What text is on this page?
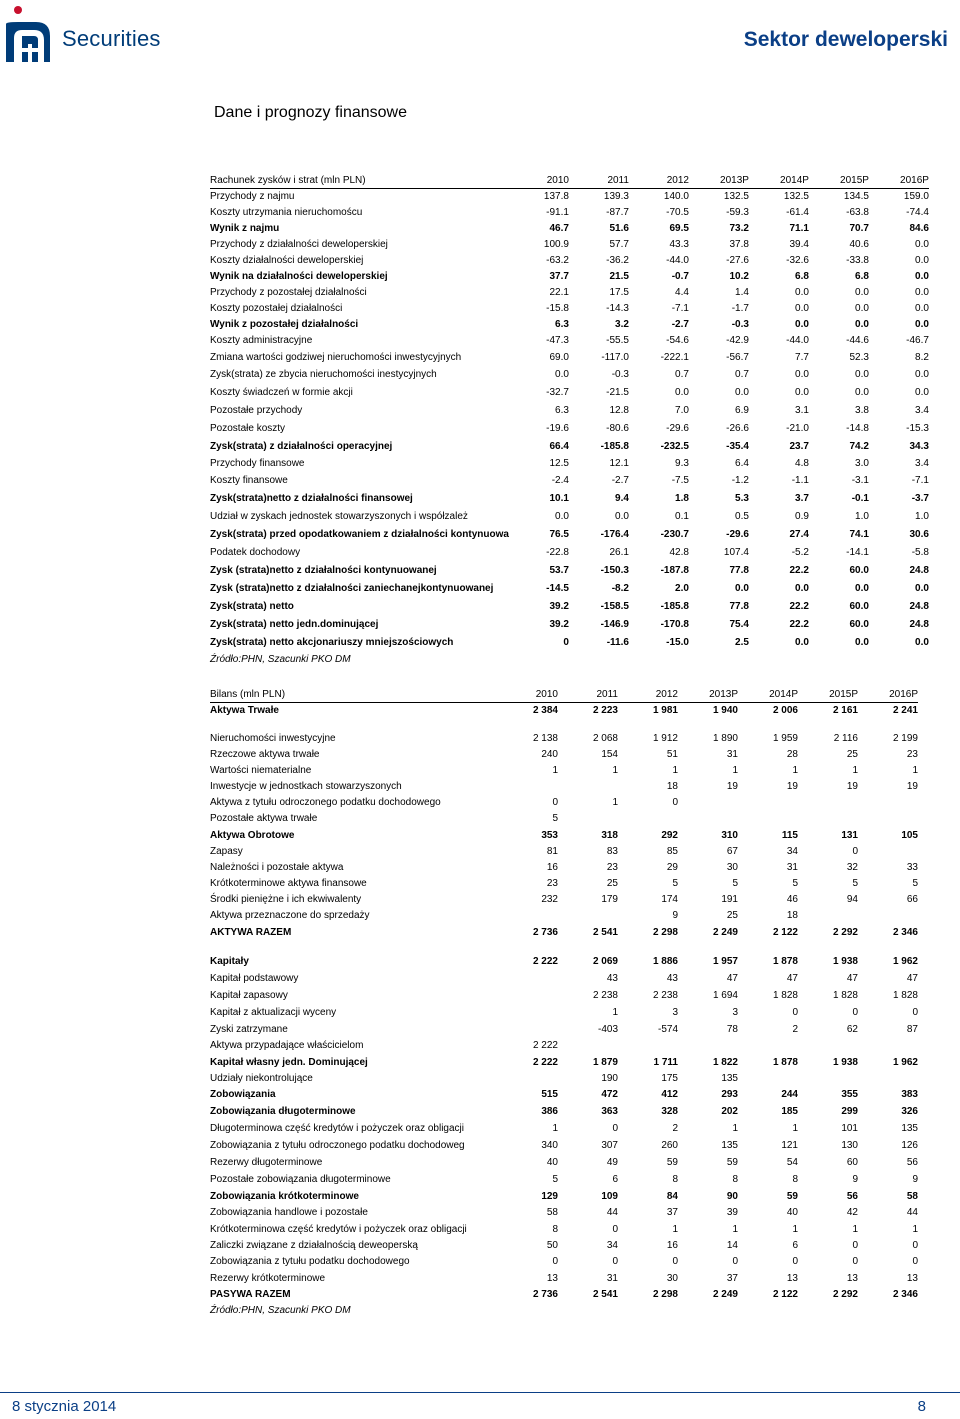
Securities	Sektor deweloperski
Dane i prognozy finansowe
Rachunek zysków i strat (mln PLN)	2010	2011	2012	2013P	2014P	2015P	2016P
Przychody z najmu	137.8	139.3	140.0	132.5	132.5	134.5	159.0
Koszty utrzymania nieruchomoścu	-91.1	-87.7	-70.5	-59.3	-61.4	-63.8	-74.4
Wynik z najmu	46.7	51.6	69.5	73.2	71.1	70.7	84.6
Przychody z działalności deweloperskiej	100.9	57.7	43.3	37.8	39.4	40.6	0.0
Koszty działalności deweloperskiej	-63.2	-36.2	-44.0	-27.6	-32.6	-33.8	0.0
Wynik na działalności deweloperskiej	37.7	21.5	-0.7	10.2	6.8	6.8	0.0
Przychody z pozostałej działalności	22.1	17.5	4.4	1.4	0.0	0.0	0.0
Koszty pozostałej działalności	-15.8	-14.3	-7.1	-1.7	0.0	0.0	0.0
Wynik z pozostałej działalności	6.3	3.2	-2.7	-0.3	0.0	0.0	0.0
Koszty administracyjne	-47.3	-55.5	-54.6	-42.9	-44.0	-44.6	-46.7
Zmiana wartości godziwej nieruchomości inwestycyjnych	69.0	-117.0	-222.1	-56.7	7.7	52.3	8.2
Zysk(strata) ze zbycia nieruchomości inestycyjnych	0.0	-0.3	0.7	0.7	0.0	0.0	0.0
Koszty świadczeń w formie akcji	-32.7	-21.5	0.0	0.0	0.0	0.0	0.0
Pozostałe przychody	6.3	12.8	7.0	6.9	3.1	3.8	3.4
Pozostałe koszty	-19.6	-80.6	-29.6	-26.6	-21.0	-14.8	-15.3
Zysk(strata) z działalności operacyjnej	66.4	-185.8	-232.5	-35.4	23.7	74.2	34.3
Przychody finansowe	12.5	12.1	9.3	6.4	4.8	3.0	3.4
Koszty finansowe	-2.4	-2.7	-7.5	-1.2	-1.1	-3.1	-7.1
Zysk(strata)netto z działalności finansowej	10.1	9.4	1.8	5.3	3.7	-0.1	-3.7
Udział w zyskach jednostek stowarzyszonych i współzależ	0.0	0.0	0.1	0.5	0.9	1.0	1.0
Zysk(strata) przed opodatkowaniem z działalności kontynuowa	76.5	-176.4	-230.7	-29.6	27.4	74.1	30.6
Podatek dochodowy	-22.8	26.1	42.8	107.4	-5.2	-14.1	-5.8
Zysk (strata)netto z działalności kontynuowanej	53.7	-150.3	-187.8	77.8	22.2	60.0	24.8
Zysk (strata)netto z działalności zaniechanejkontynuowanej	-14.5	-8.2	2.0	0.0	0.0	0.0	0.0
Zysk(strata) netto	39.2	-158.5	-185.8	77.8	22.2	60.0	24.8
Zysk(strata) netto jedn.dominującej	39.2	-146.9	-170.8	75.4	22.2	60.0	24.8
Zysk(strata) netto akcjonariuszy mniejszościowych	0	-11.6	-15.0	2.5	0.0	0.0	0.0
Źródło:PHN, Szacunki PKO DM
Bilans (mln PLN)	2010	2011	2012	2013P	2014P	2015P	2016P
Aktywa Trwałe	2 384	2 223	1 981	1 940	2 006	2 161	2 241

Nieruchomości inwestycyjne	2 138	2 068	1 912	1 890	1 959	2 116	2 199
Rzeczowe aktywa trwałe	240	154	51	31	28	25	23
Wartości niematerialne	1	1	1	1	1	1	1
Inwestycje w jednostkach stowarzyszonych			18	19	19	19	19
Aktywa z tytułu odroczonego podatku dochodowego	0	1	0				
Pozostałe aktywa trwałe	5						
Aktywa Obrotowe	353	318	292	310	115	131	105
Zapasy	81	83	85	67	34	0	
Należności i pozostałe aktywa	16	23	29	30	31	32	33
Krótkoterminowe aktywa finansowe	23	25	5	5	5	5	5
Środki pieniężne i ich ekwiwalenty	232	179	174	191	46	94	66
Aktywa przeznaczone do sprzedaży			9	25	18		
AKTYWA RAZEM	2 736	2 541	2 298	2 249	2 122	2 292	2 346

Kapitały	2 222	2 069	1 886	1 957	1 878	1 938	1 962
Kapitał podstawowy		43	43	47	47	47	47
Kapitał zapasowy		2 238	2 238	1 694	1 828	1 828	1 828
Kapitał z aktualizacji wyceny		1	3	3	0	0	0
Zyski zatrzymane		-403	-574	78	2	62	87
Aktywa przypadające właścicielom	2 222						
Kapitał własny jedn. Dominującej	2 222	1 879	1 711	1 822	1 878	1 938	1 962
Udziały niekontrolujące		190	175	135			
Zobowiązania	515	472	412	293	244	355	383
Zobowiązania długoterminowe	386	363	328	202	185	299	326
Długoterminowa część kredytów i pożyczek oraz obligacji	1	0	2	1	1	101	135
Zobowiązania z tytułu odroczonego podatku dochodoweg	340	307	260	135	121	130	126
Rezerwy długoterminowe	40	49	59	59	54	60	56
Pozostałe zobowiązania długoterminowe	5	6	8	8	8	9	9
Zobowiązania krótkoterminowe	129	109	84	90	59	56	58
Zobowiązania handlowe i pozostałe	58	44	37	39	40	42	44
Krótkoterminowa część kredytów i pożyczek oraz obligacji	8	0	1	1	1	1	1
Zaliczki związane z działalnością deweoperską	50	34	16	14	6	0	0
Zobowiązania z tytułu podatku dochodowego	0	0	0	0	0	0	0
Rezerwy krótkoterminowe	13	31	30	37	13	13	13
PASYWA RAZEM	2 736	2 541	2 298	2 249	2 122	2 292	2 346
Źródło:PHN, Szacunki PKO DM
8 stycznia 2014	8
